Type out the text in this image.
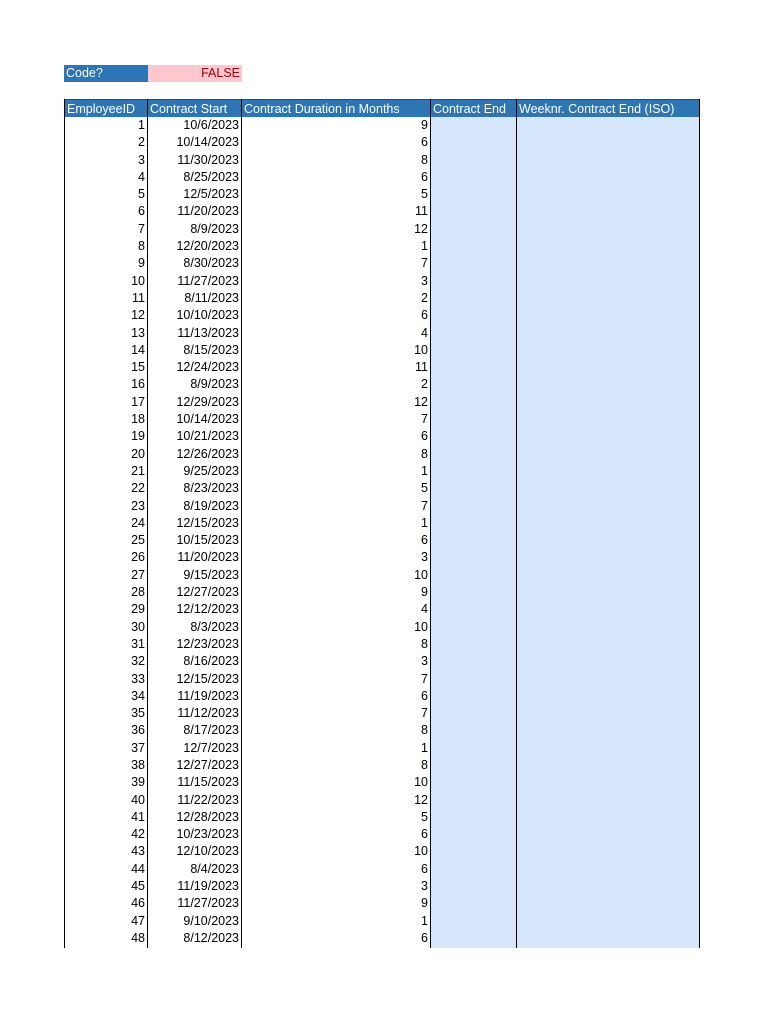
Code?	FALSE
EmployeeID
1
2
3
4
5
6
7
8
9
10
11
12
13
14
15
16
17
18
19
20
21
22
23
24
25
26
27
28
29
30
31
32
33
34
35
36
37
38
39
40
41
42
43
44
45
46
47
48
Contract Start
10/6/2023
10/14/2023
11/30/2023
8/25/2023
12/5/2023
11/20/2023
8/9/2023
12/20/2023
8/30/2023
11/27/2023
8/11/2023
10/10/2023
11/13/2023
8/15/2023
12/24/2023
8/9/2023
12/29/2023
10/14/2023
10/21/2023
12/26/2023
9/25/2023
8/23/2023
8/19/2023
12/15/2023
10/15/2023
11/20/2023
9/15/2023
12/27/2023
12/12/2023
8/3/2023
12/23/2023
8/16/2023
12/15/2023
11/19/2023
11/12/2023
8/17/2023
12/7/2023
12/27/2023
11/15/2023
11/22/2023
12/28/2023
10/23/2023
12/10/2023
8/4/2023
11/19/2023
11/27/2023
9/10/2023
8/12/2023
Contract Duration in Months
9
6
8
6
5
11
12
1
7
3
2
6
4
10
11
2
12
7
6
8
1
5
7
1
6
3
10
9
4
10
8
3
7
6
7
8
1
8
10
12
5
6
10
6
3
9
1
6
Contract End	Weeknr. Contract End (ISO)
